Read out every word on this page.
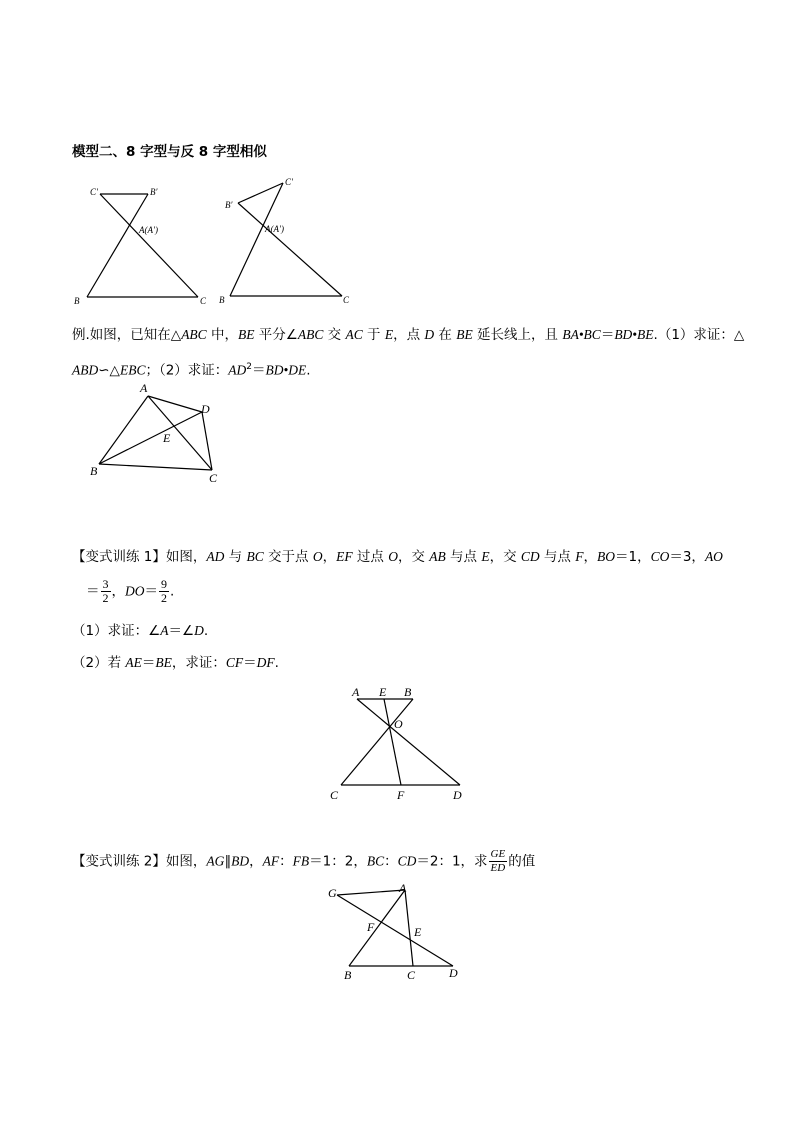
模型二、8 字型与反 8 字型相似
C′	B′
A(A′)
B	C
C′
B′
A(A′)
B	C
例.如图，已知在△ABC 中，BE 平分∠ABC 交 AC 于 E，点 D 在 BE 延长线上，且 BA•BC＝BD•BE.（1）求证：△
ABD∽△EBC；（2）求证：$AD^2=BD•DE$.
A
D
E
B	C
【变式训练 1】如图，AD 与 BC 交于点 O，EF 过点 O，交 AB 与点 E，交 CD 与点 F，BO＝1，CO＝3，AO
＝ $\frac{3}{2}$ ，$DO= \frac{9}{2}$ .
（1）求证：∠A＝∠D.
（2）若 AE＝BE，求证：CF＝DF.
A E B
O
C	F	D
【变式训练 2】如图，AG∥BD，AF：FB＝1：2，BC：CD＝2：1，求 $\frac{GE}{ED}$ 的值
G	A
F	E
B	C	D
